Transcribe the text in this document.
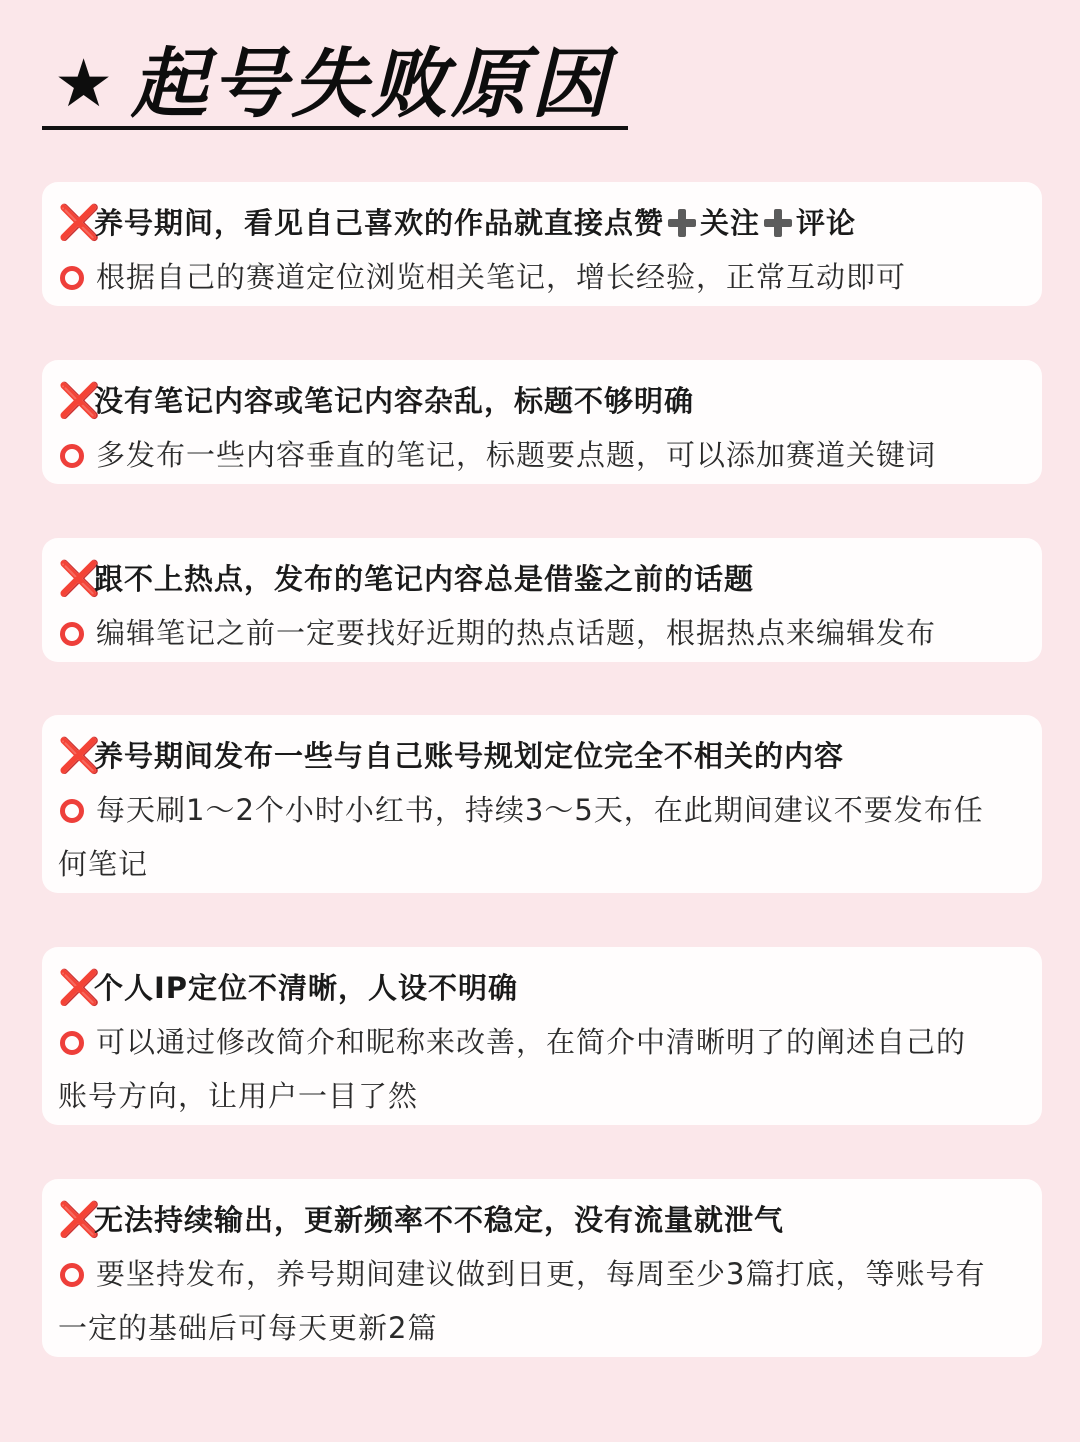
★ 起号失败原因
❌养号期间，看见自己喜欢的作品就直接点赞 关注 评论
根据自己的赛道定位浏览相关笔记，增长经验，正常互动即可
❌没有笔记内容或笔记内容杂乱，标题不够明确
多发布一些内容垂直的笔记，标题要点题，可以添加赛道关键词
❌跟不上热点，发布的笔记内容总是借鉴之前的话题
编辑笔记之前一定要找好近期的热点话题，根据热点来编辑发布
❌养号期间发布一些与自己账号规划定位完全不相关的内容
每天刷1～2个小时小红书，持续3～5天，在此期间建议不要发布任
何笔记
❌个人IP定位不清晰，人设不明确
可以通过修改简介和昵称来改善，在简介中清晰明了的阐述自己的
账号方向，让用户一目了然
❌无法持续输出，更新频率不不稳定，没有流量就泄气
要坚持发布，养号期间建议做到日更，每周至少3篇打底，等账号有
一定的基础后可每天更新2篇
